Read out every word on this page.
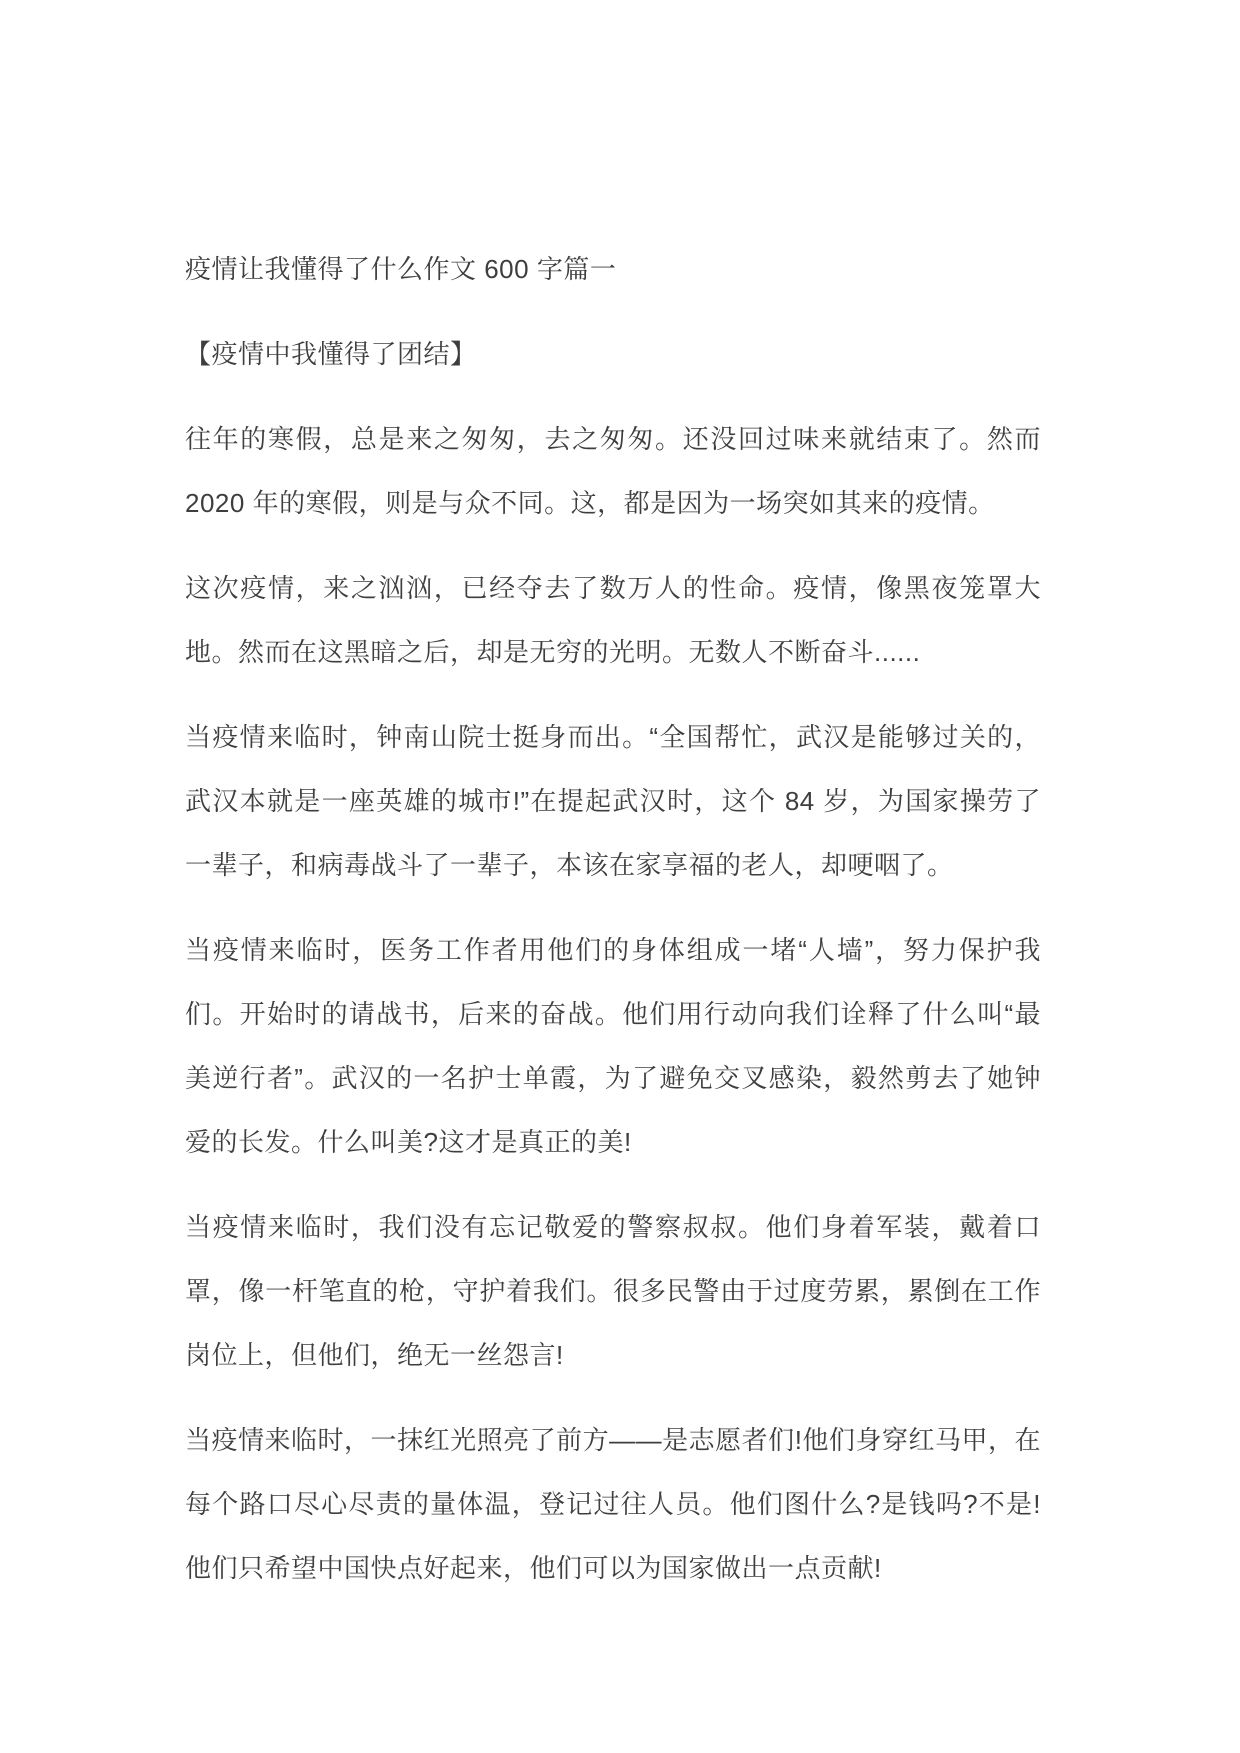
疫情让我懂得了什么作文 600 字篇一

【疫情中我懂得了团结】

往年的寒假，总是来之匆匆，去之匆匆。还没回过味来就结束了。然而 2020 年的寒假，则是与众不同。这，都是因为一场突如其来的疫情。

这次疫情，来之汹汹，已经夺去了数万人的性命。疫情，像黑夜笼罩大地。然而在这黑暗之后，却是无穷的光明。无数人不断奋斗......

当疫情来临时，钟南山院士挺身而出。“全国帮忙，武汉是能够过关的，武汉本就是一座英雄的城市!”在提起武汉时，这个 84 岁，为国家操劳了一辈子，和病毒战斗了一辈子，本该在家享福的老人，却哽咽了。

当疫情来临时，医务工作者用他们的身体组成一堵“人墙”，努力保护我们。开始时的请战书，后来的奋战。他们用行动向我们诠释了什么叫“最美逆行者”。武汉的一名护士单霞，为了避免交叉感染，毅然剪去了她钟爱的长发。什么叫美?这才是真正的美!

当疫情来临时，我们没有忘记敬爱的警察叔叔。他们身着军装，戴着口罩，像一杆笔直的枪，守护着我们。很多民警由于过度劳累，累倒在工作岗位上，但他们，绝无一丝怨言!

当疫情来临时，一抹红光照亮了前方——是志愿者们!他们身穿红马甲，在每个路口尽心尽责的量体温，登记过往人员。他们图什么?是钱吗?不是!他们只希望中国快点好起来，他们可以为国家做出一点贡献!
